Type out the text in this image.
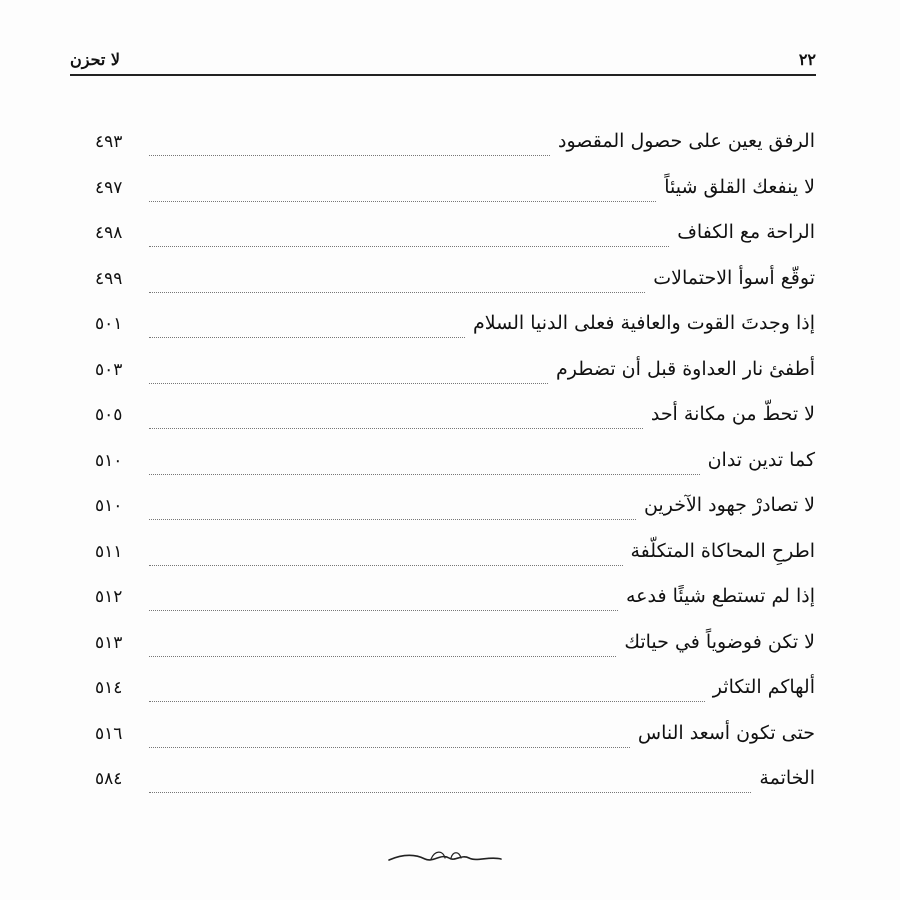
٢٢
لا تحزن
الرفق يعين على حصول المقصود
٤٩٣
لا ينفعك القلق شيئاً
٤٩٧
الراحة مع الكفاف
٤٩٨
توقّع أسوأ الاحتمالات
٤٩٩
إذا وجدتَ القوت والعافية فعلى الدنيا السلام
٥٠١
أطفئ نار العداوة قبل أن تضطرم
٥٠٣
لا تحطّ من مكانة أحد
٥٠٥
كما تدين تدان
٥١٠
لا تصادرْ جهود الآخرين
٥١٠
اطرحِ المحاكاة المتكلّفة
٥١١
إذا لم تستطع شيئًا فدعه
٥١٢
لا تكن فوضوياً في حياتك
٥١٣
ألهاكم التكاثر
٥١٤
حتى تكون أسعد الناس
٥١٦
الخاتمة
٥٨٤
